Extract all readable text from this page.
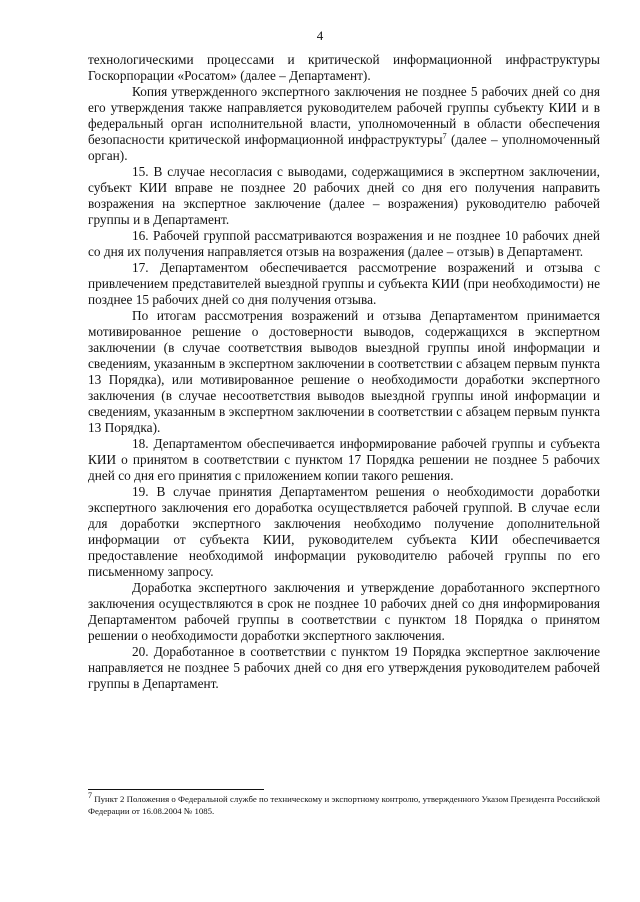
4

технологическими процессами и критической информационной инфраструктуры Госкорпорации «Росатом» (далее – Департамент).

Копия утвержденного экспертного заключения не позднее 5 рабочих дней со дня его утверждения также направляется руководителем рабочей группы субъекту КИИ и в федеральный орган исполнительной власти, уполномоченный в области обеспечения безопасности критической информационной инфраструктуры$^7$ (далее – уполномоченный орган).

15. В случае несогласия с выводами, содержащимися в экспертном заключении, субъект КИИ вправе не позднее 20 рабочих дней со дня его получения направить возражения на экспертное заключение (далее – возражения) руководителю рабочей группы и в Департамент.

16. Рабочей группой рассматриваются возражения и не позднее 10 рабочих дней со дня их получения направляется отзыв на возражения (далее – отзыв) в Департамент.

17. Департаментом обеспечивается рассмотрение возражений и отзыва с привлечением представителей выездной группы и субъекта КИИ (при необходимости) не позднее 15 рабочих дней со дня получения отзыва.

По итогам рассмотрения возражений и отзыва Департаментом принимается мотивированное решение о достоверности выводов, содержащихся в экспертном заключении (в случае соответствия выводов выездной группы иной информации и сведениям, указанным в экспертном заключении в соответствии с абзацем первым пункта 13 Порядка), или мотивированное решение о необходимости доработки экспертного заключения (в случае несоответствия выводов выездной группы иной информации и сведениям, указанным в экспертном заключении в соответствии с абзацем первым пункта 13 Порядка).

18. Департаментом обеспечивается информирование рабочей группы и субъекта КИИ о принятом в соответствии с пунктом 17 Порядка решении не позднее 5 рабочих дней со дня его принятия с приложением копии такого решения.

19. В случае принятия Департаментом решения о необходимости доработки экспертного заключения его доработка осуществляется рабочей группой. В случае если для доработки экспертного заключения необходимо получение дополнительной информации от субъекта КИИ, руководителем субъекта КИИ обеспечивается предоставление необходимой информации руководителю рабочей группы по его письменному запросу.

Доработка экспертного заключения и утверждение доработанного экспертного заключения осуществляются в срок не позднее 10 рабочих дней со дня информирования Департаментом рабочей группы в соответствии с пунктом 18 Порядка о принятом решении о необходимости доработки экспертного заключения.

20. Доработанное в соответствии с пунктом 19 Порядка экспертное заключение направляется не позднее 5 рабочих дней со дня его утверждения руководителем рабочей группы в Департамент.

$^7$ Пункт 2 Положения о Федеральной службе по техническому и экспортному контролю, утвержденного Указом Президента Российской Федерации от 16.08.2004 № 1085.
